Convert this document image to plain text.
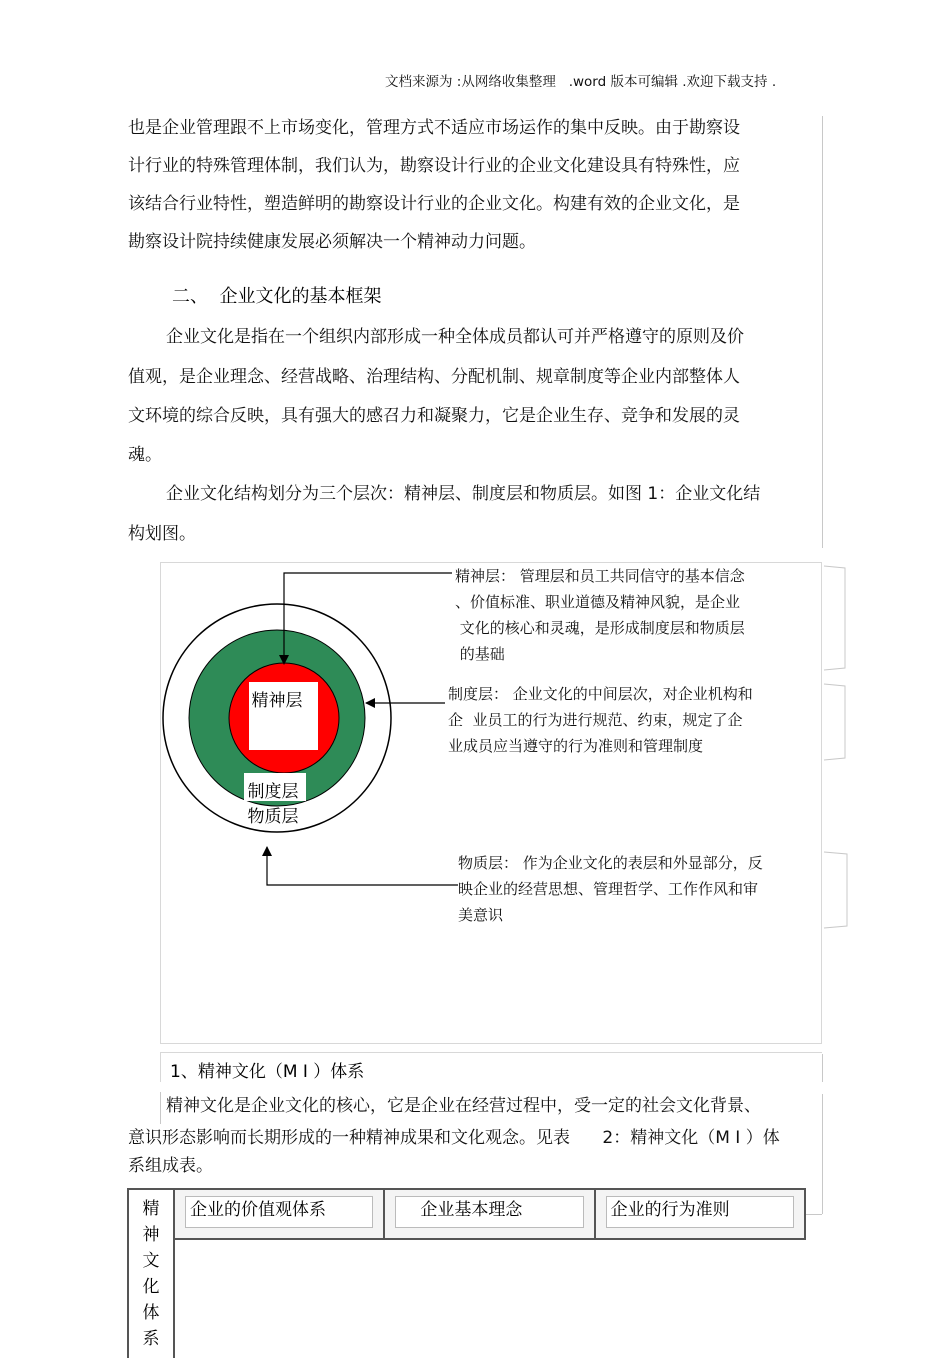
文档来源为 :从网络收集整理   .word 版本可编辑 .欢迎下载支持 .
也是企业管理跟不上市场变化，管理方式不适应市场运作的集中反映。由于勘察设
计行业的特殊管理体制，我们认为，勘察设计行业的企业文化建设具有特殊性，应
该结合行业特性，塑造鲜明的勘察设计行业的企业文化。构建有效的企业文化，是
勘察设计院持续健康发展必须解决一个精神动力问题。
二、  企业文化的基本框架
企业文化是指在一个组织内部形成一种全体成员都认可并严格遵守的原则及价
值观，是企业理念、经营战略、治理结构、分配机制、规章制度等企业内部整体人
文环境的综合反映，具有强大的感召力和凝聚力，它是企业生存、竞争和发展的灵
魂。
企业文化结构划分为三个层次：精神层、制度层和物质层。如图 1：企业文化结
构划图。
精神层
制度层
物质层
精神层： 管理层和员工共同信守的基本信念
、价值标准、职业道德及精神风貌，是企业
文化的核心和灵魂，是形成制度层和物质层
的基础
制度层： 企业文化的中间层次，对企业机构和
企  业员工的行为进行规范、约束，规定了企
业成员应当遵守的行为准则和管理制度
物质层： 作为企业文化的表层和外显部分，反
映企业的经营思想、管理哲学、工作作风和审
美意识
1、精神文化（M I ）体系
精神文化是企业文化的核心，它是企业在经营过程中，受一定的社会文化背景、
意识形态影响而长期形成的一种精神成果和文化观念。见表      2：精神文化（M I ）体
系组成表。
精
神
文
化
体
系
企业的价值观体系	企业基本理念	企业的行为准则
